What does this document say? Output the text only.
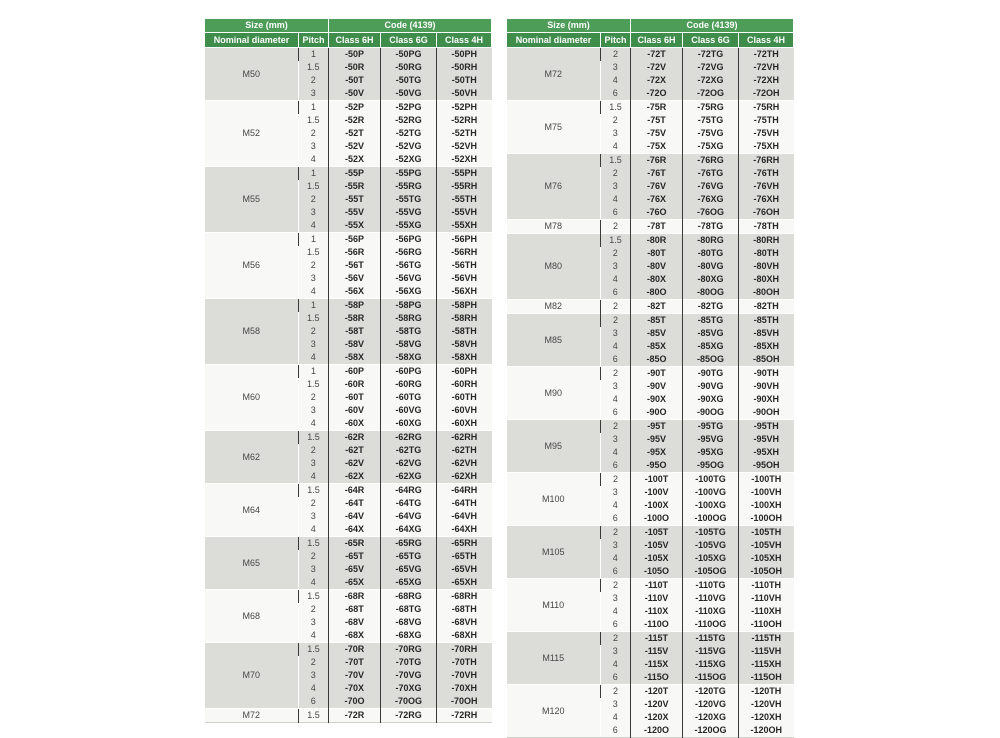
Size (mm)		Code (4139)		
Nominal diameter	Pitch	Class 6H	Class 6G	Class 4H
M50	1	-50P	-50PG	-50PH
	1.5	-50R	-50RG	-50RH
	2	-50T	-50TG	-50TH
	3	-50V	-50VG	-50VH
M52	1	-52P	-52PG	-52PH
	1.5	-52R	-52RG	-52RH
	2	-52T	-52TG	-52TH
	3	-52V	-52VG	-52VH
	4	-52X	-52XG	-52XH
M55	1	-55P	-55PG	-55PH
	1.5	-55R	-55RG	-55RH
	2	-55T	-55TG	-55TH
	3	-55V	-55VG	-55VH
	4	-55X	-55XG	-55XH
M56	1	-56P	-56PG	-56PH
	1.5	-56R	-56RG	-56RH
	2	-56T	-56TG	-56TH
	3	-56V	-56VG	-56VH
	4	-56X	-56XG	-56XH
M58	1	-58P	-58PG	-58PH
	1.5	-58R	-58RG	-58RH
	2	-58T	-58TG	-58TH
	3	-58V	-58VG	-58VH
	4	-58X	-58XG	-58XH
M60	1	-60P	-60PG	-60PH
	1.5	-60R	-60RG	-60RH
	2	-60T	-60TG	-60TH
	3	-60V	-60VG	-60VH
	4	-60X	-60XG	-60XH
M62	1.5	-62R	-62RG	-62RH
	2	-62T	-62TG	-62TH
	3	-62V	-62VG	-62VH
	4	-62X	-62XG	-62XH
M64	1.5	-64R	-64RG	-64RH
	2	-64T	-64TG	-64TH
	3	-64V	-64VG	-64VH
	4	-64X	-64XG	-64XH
M65	1.5	-65R	-65RG	-65RH
	2	-65T	-65TG	-65TH
	3	-65V	-65VG	-65VH
	4	-65X	-65XG	-65XH
M68	1.5	-68R	-68RG	-68RH
	2	-68T	-68TG	-68TH
	3	-68V	-68VG	-68VH
	4	-68X	-68XG	-68XH
M70	1.5	-70R	-70RG	-70RH
	2	-70T	-70TG	-70TH
	3	-70V	-70VG	-70VH
	4	-70X	-70XG	-70XH
	6	-70O	-70OG	-70OH
M72	1.5	-72R	-72RG	-72RH
Size (mm)		Code (4139)		
Nominal diameter	Pitch	Class 6H	Class 6G	Class 4H
M72	2	-72T	-72TG	-72TH
	3	-72V	-72VG	-72VH
	4	-72X	-72XG	-72XH
	6	-72O	-72OG	-72OH
M75	1.5	-75R	-75RG	-75RH
	2	-75T	-75TG	-75TH
	3	-75V	-75VG	-75VH
	4	-75X	-75XG	-75XH
M76	1.5	-76R	-76RG	-76RH
	2	-76T	-76TG	-76TH
	3	-76V	-76VG	-76VH
	4	-76X	-76XG	-76XH
	6	-76O	-76OG	-76OH
M78	2	-78T	-78TG	-78TH
M80	1.5	-80R	-80RG	-80RH
	2	-80T	-80TG	-80TH
	3	-80V	-80VG	-80VH
	4	-80X	-80XG	-80XH
	6	-80O	-80OG	-80OH
M82	2	-82T	-82TG	-82TH
M85	2	-85T	-85TG	-85TH
	3	-85V	-85VG	-85VH
	4	-85X	-85XG	-85XH
	6	-85O	-85OG	-85OH
M90	2	-90T	-90TG	-90TH
	3	-90V	-90VG	-90VH
	4	-90X	-90XG	-90XH
	6	-90O	-90OG	-90OH
M95	2	-95T	-95TG	-95TH
	3	-95V	-95VG	-95VH
	4	-95X	-95XG	-95XH
	6	-95O	-95OG	-95OH
M100	2	-100T	-100TG	-100TH
	3	-100V	-100VG	-100VH
	4	-100X	-100XG	-100XH
	6	-100O	-100OG	-100OH
M105	2	-105T	-105TG	-105TH
	3	-105V	-105VG	-105VH
	4	-105X	-105XG	-105XH
	6	-105O	-105OG	-105OH
M110	2	-110T	-110TG	-110TH
	3	-110V	-110VG	-110VH
	4	-110X	-110XG	-110XH
	6	-110O	-110OG	-110OH
M115	2	-115T	-115TG	-115TH
	3	-115V	-115VG	-115VH
	4	-115X	-115XG	-115XH
	6	-115O	-115OG	-115OH
M120	2	-120T	-120TG	-120TH
	3	-120V	-120VG	-120VH
	4	-120X	-120XG	-120XH
	6	-120O	-120OG	-120OH
